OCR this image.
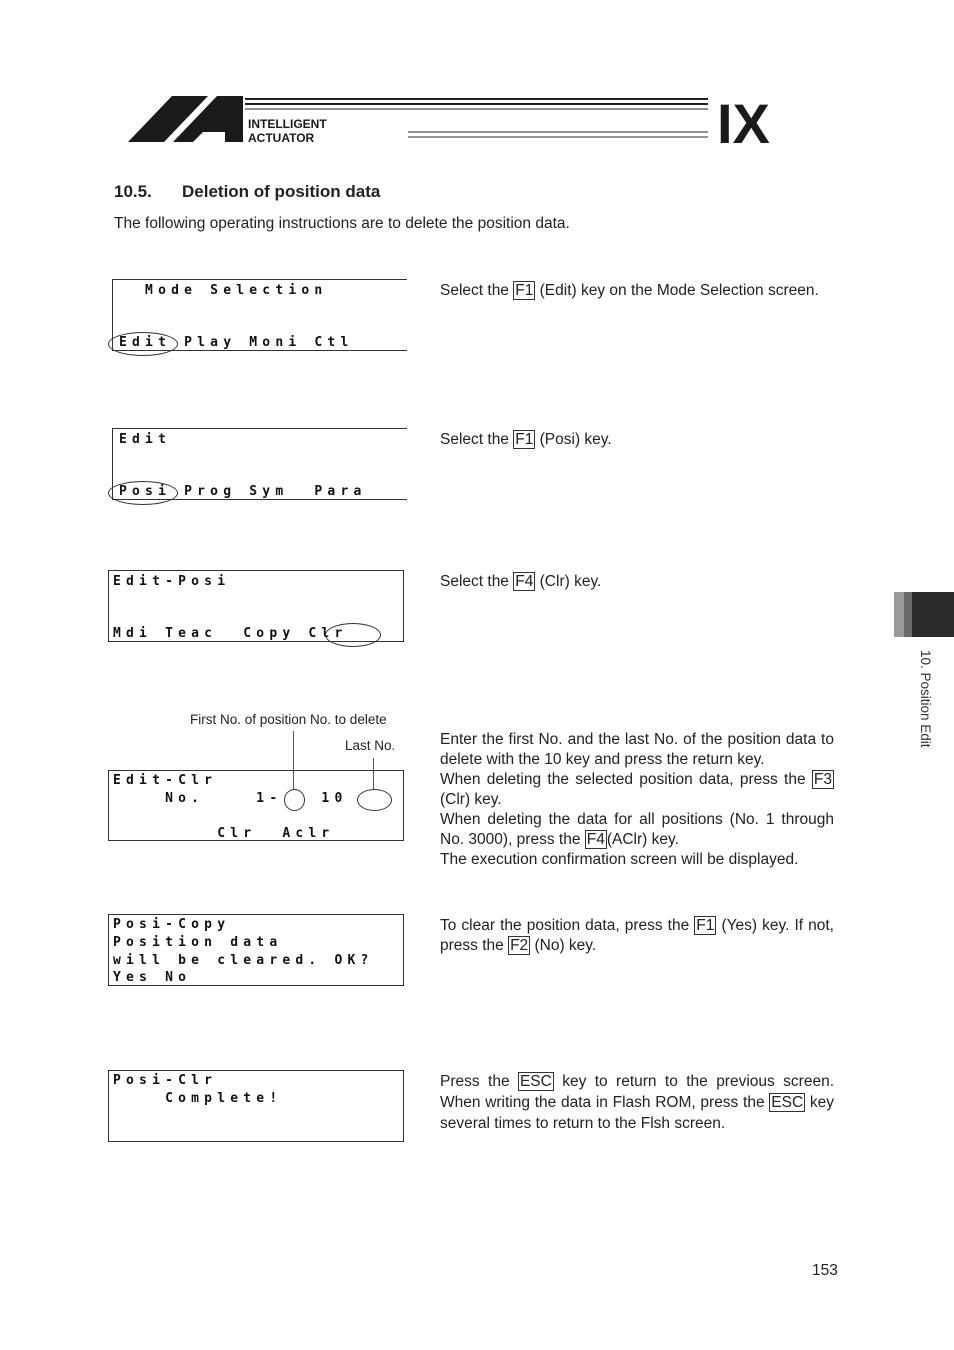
INTELLIGENT
ACTUATOR	IX
10.5. Deletion of position data
The following operating instructions are to delete the position data.

Mode Selection

Edit Play Moni Ctl

Select the F1 (Edit) key on the Mode Selection screen.

Edit

Posi Prog Sym  Para

Select the F1 (Posi) key.

Edit-Posi

Mdi Teac  Copy Clr

Select the F4 (Clr) key.
First No. of position No. to delete
Last No.

Edit-Clr

No.    1-   10

Clr  Aclr

Enter the first No. and the last No. of the position data to delete with the 10 key and press the return key.
When deleting the selected position data, press the F3 (Clr) key.
When deleting the data for all positions (No. 1 through No. 3000), press the F4 (AClr) key.
The execution confirmation screen will be displayed.

Posi-Copy

Position data

will be cleared. OK?

Yes No

To clear the position data, press the F1 (Yes) key. If not, press the F2 (No) key.

Posi-Clr

Complete!

Press the ESC key to return to the previous screen. When writing the data in Flash ROM, press the ESC key several times to return to the Flsh screen.
10. Position Edit
153
